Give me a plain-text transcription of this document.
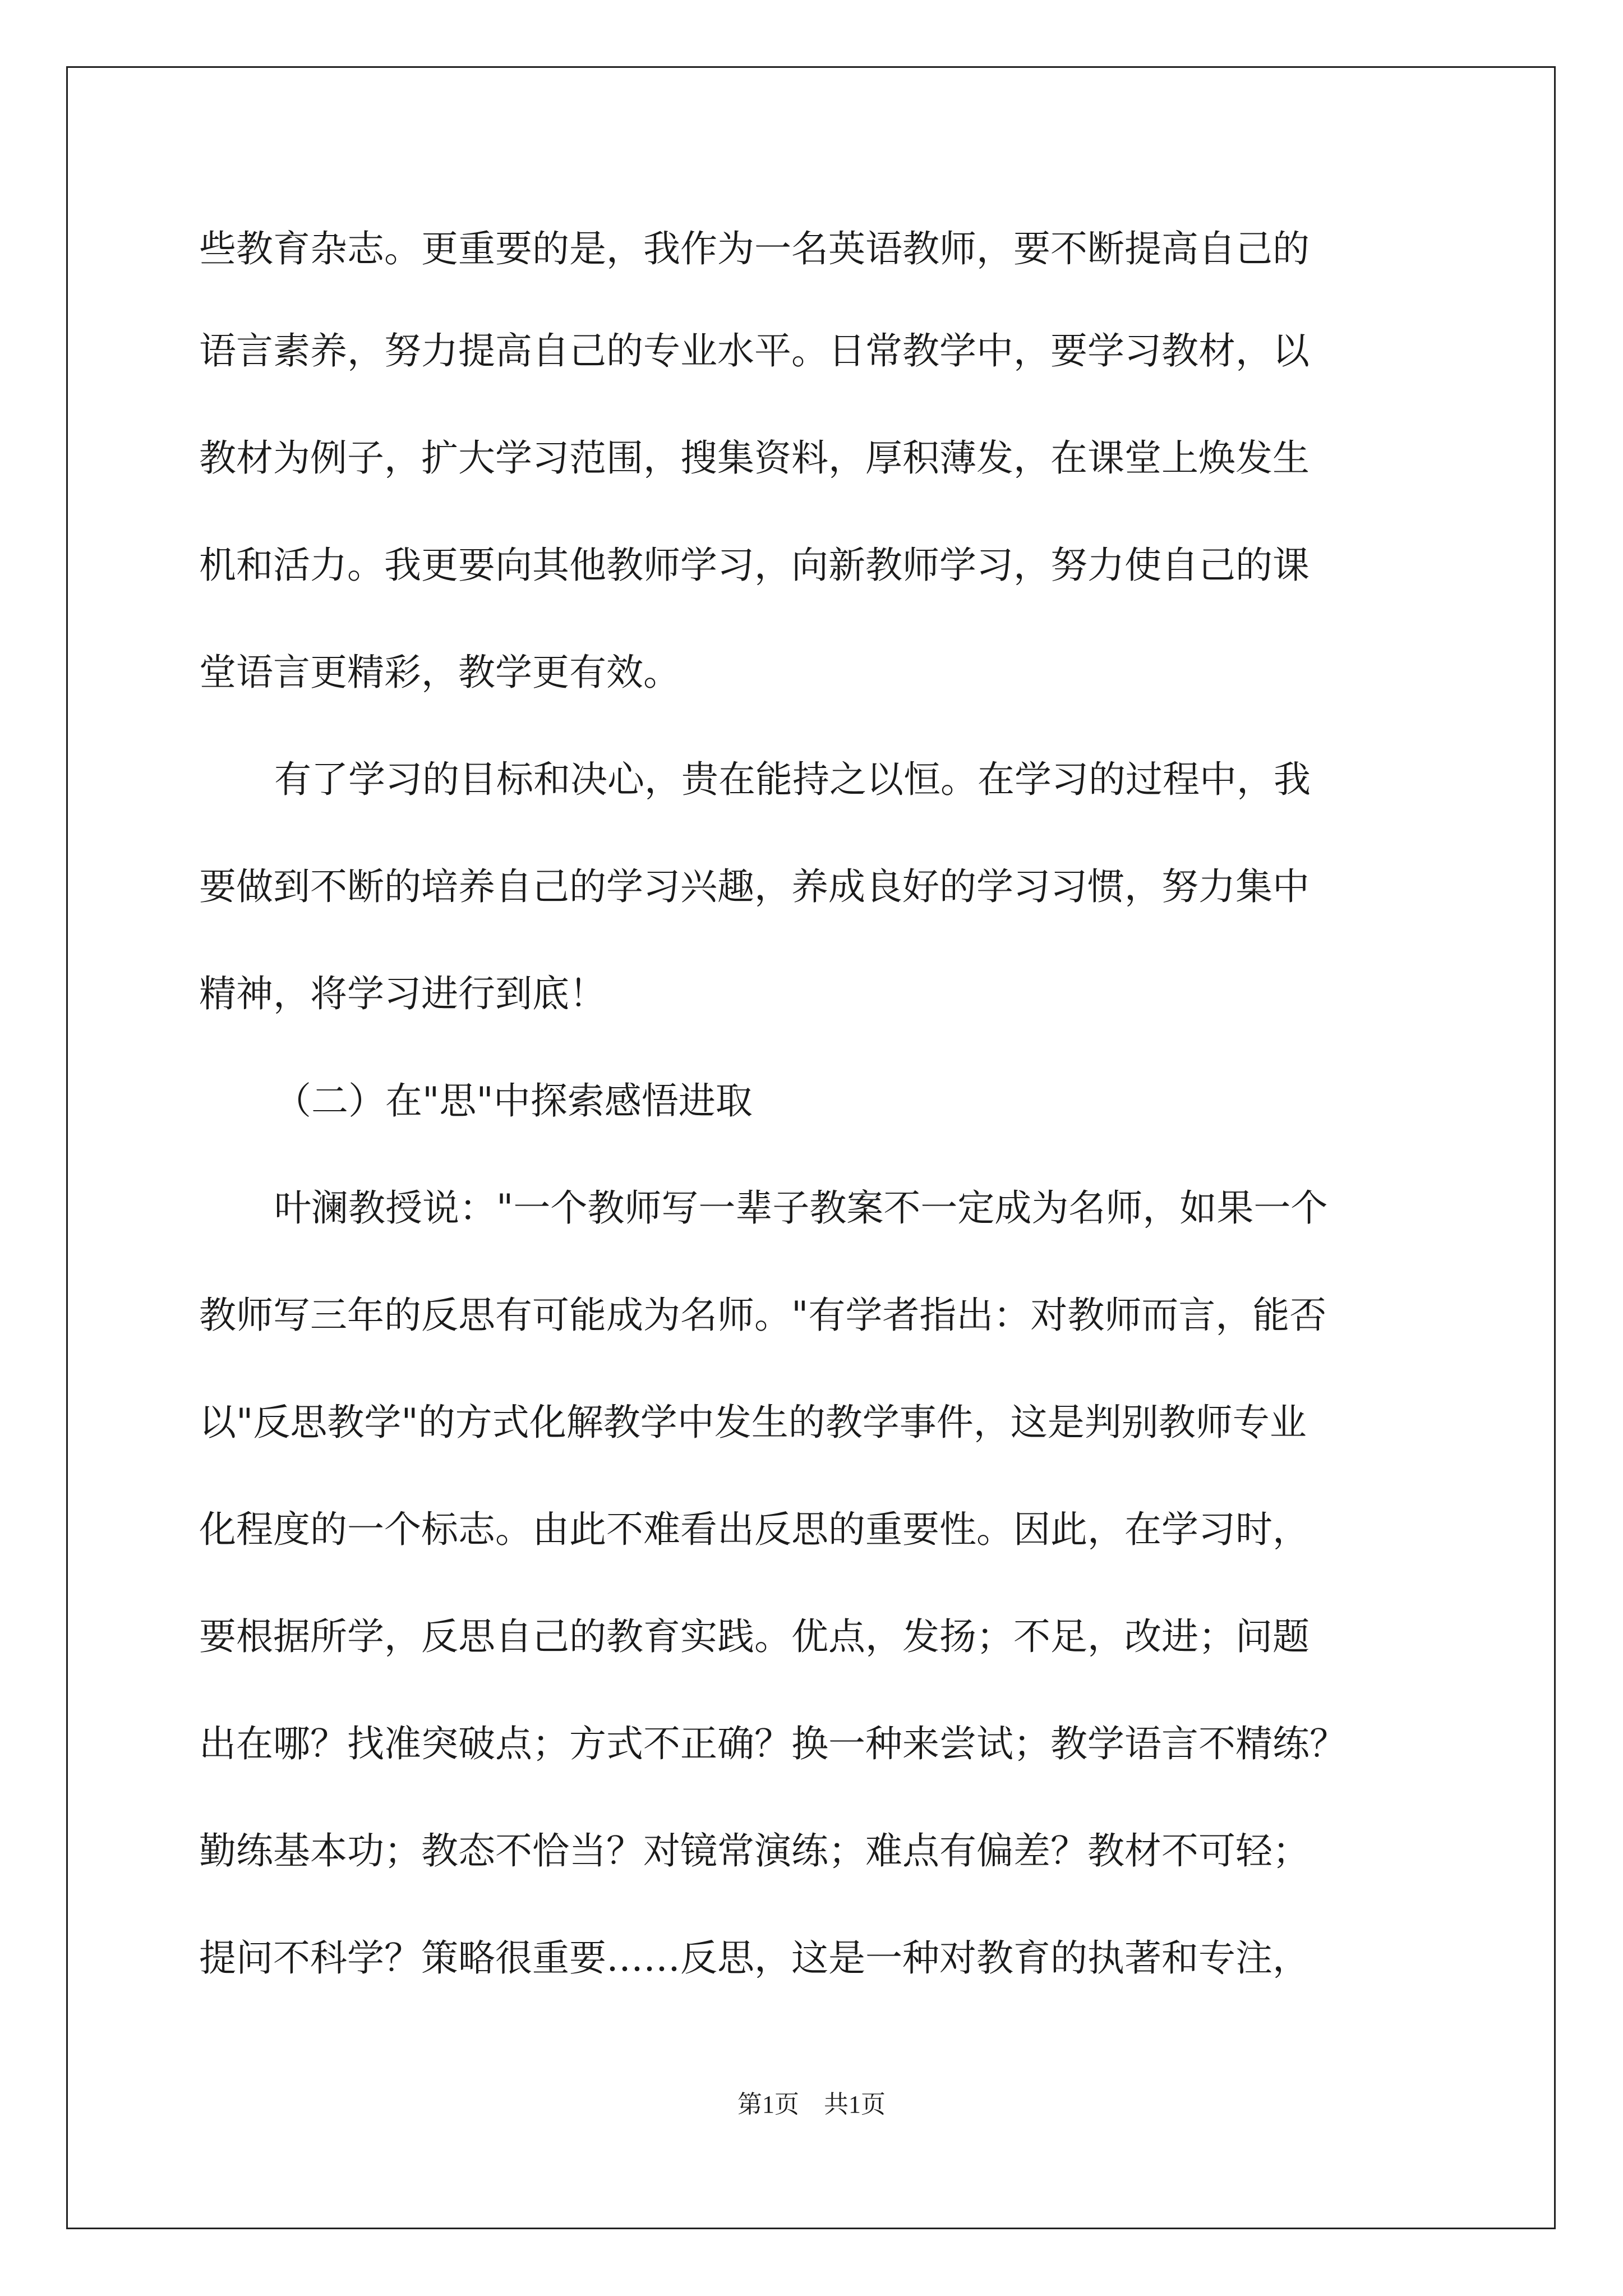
些教育杂志。更重要的是，我作为一名英语教师，要不断提高自己的
语言素养，努力提高自己的专业水平。日常教学中，要学习教材，以
教材为例子，扩大学习范围，搜集资料，厚积薄发，在课堂上焕发生
机和活力。我更要向其他教师学习，向新教师学习，努力使自己的课
堂语言更精彩，教学更有效。
有了学习的目标和决心，贵在能持之以恒。在学习的过程中，我
要做到不断的培养自己的学习兴趣，养成良好的学习习惯，努力集中
精神，将学习进行到底！
（二）在"思"中探索感悟进取
叶澜教授说："一个教师写一辈子教案不一定成为名师，如果一个
教师写三年的反思有可能成为名师。"有学者指出：对教师而言，能否
以"反思教学"的方式化解教学中发生的教学事件，这是判别教师专业
化程度的一个标志。由此不难看出反思的重要性。因此，在学习时，
要根据所学，反思自己的教育实践。优点，发扬；不足，改进；问题
出在哪？找准突破点；方式不正确？换一种来尝试；教学语言不精练？
勤练基本功；教态不恰当？对镜常演练；难点有偏差？教材不可轻；
提问不科学？策略很重要……反思，这是一种对教育的执著和专注，
第1页　共1页
